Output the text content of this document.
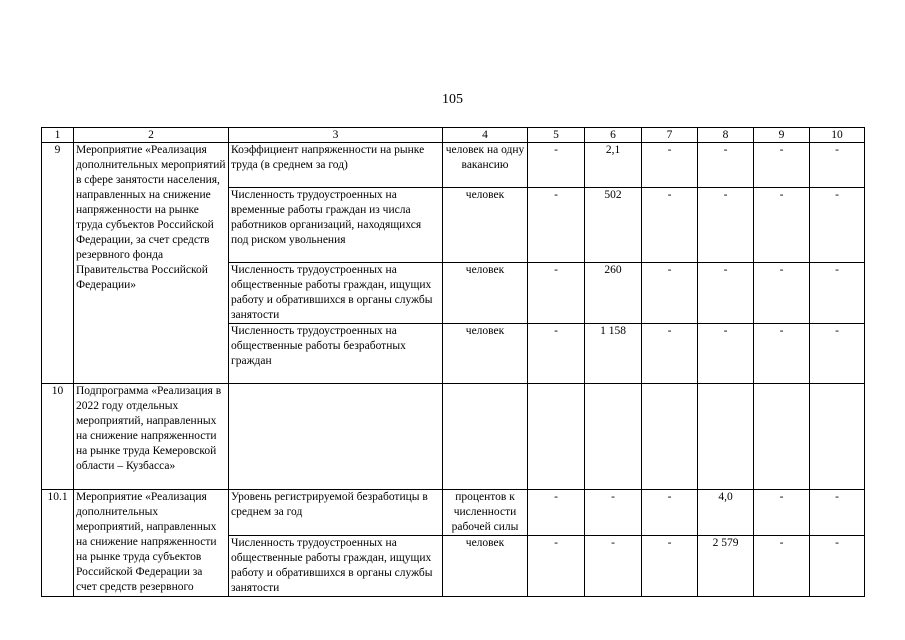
105
1	2	3	4	5	6	7	8	9	10
9	Мероприятие «Реализация дополнительных мероприятий в сфере занятости населения, направленных на снижение напряженности на рынке труда субъектов Российской Федерации, за счет средств резервного фонда Правительства Российской Федерации»	Коэффициент напряженности на рынке труда (в среднем за год)	человек на одну вакансию	-	2,1	-	-	-	-
		Численность трудоустроенных на временные работы граждан из числа работников организаций, находящихся под риском увольнения	человек	-	502	-	-	-	-
		Численность трудоустроенных на общественные работы граждан, ищущих работу и обратившихся в органы службы занятости	человек	-	260	-	-	-	-
		Численность трудоустроенных на общественные работы безработных граждан	человек	-	1 158	-	-	-	-
10	Подпрограмма «Реализация в 2022 году отдельных мероприятий, направленных на снижение напряженности на рынке труда Кемеровской области – Кузбасса»								
10.1	Мероприятие «Реализация дополнительных мероприятий, направленных на снижение напряженности на рынке труда субъектов Российской Федерации за счет средств резервного	Уровень регистрируемой безработицы в среднем за год	процентов к численности рабочей силы	-	-	-	4,0	-	-
		Численность трудоустроенных на общественные работы граждан, ищущих работу и обратившихся в органы службы занятости	человек	-	-	-	2 579	-	-
